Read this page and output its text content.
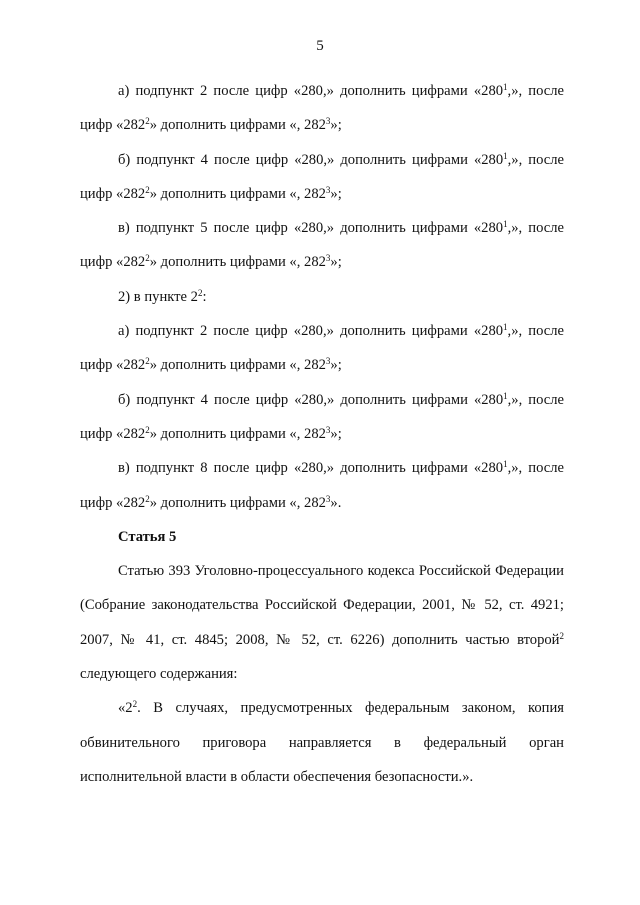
5

а) подпункт 2 после цифр «280,» дополнить цифрами «$280^1$,», после цифр «$282^2$» дополнить цифрами «, $282^3$»;

б) подпункт 4 после цифр «280,» дополнить цифрами «$280^1$,», после цифр «$282^2$» дополнить цифрами «, $282^3$»;

в) подпункт 5 после цифр «280,» дополнить цифрами «$280^1$,», после цифр «$282^2$» дополнить цифрами «, $282^3$»;

2) в пункте $2^2$:

а) подпункт 2 после цифр «280,» дополнить цифрами «$280^1$,», после цифр «$282^2$» дополнить цифрами «, $282^3$»;

б) подпункт 4 после цифр «280,» дополнить цифрами «$280^1$,», после цифр «$282^2$» дополнить цифрами «, $282^3$»;

в) подпункт 8 после цифр «280,» дополнить цифрами «$280^1$,», после цифр «$282^2$» дополнить цифрами «, $282^3$».

Статья 5

Статью 393 Уголовно-процессуального кодекса Российской Федерации (Собрание законодательства Российской Федерации, 2001, № 52, ст. 4921; 2007, № 41, ст. 4845; 2008, № 52, ст. 6226) дополнить частью второй$^2$ следующего содержания:

«$2^2$. В случаях, предусмотренных федеральным законом, копия обвинительного приговора направляется в федеральный орган исполнительной власти в области обеспечения безопасности.».
